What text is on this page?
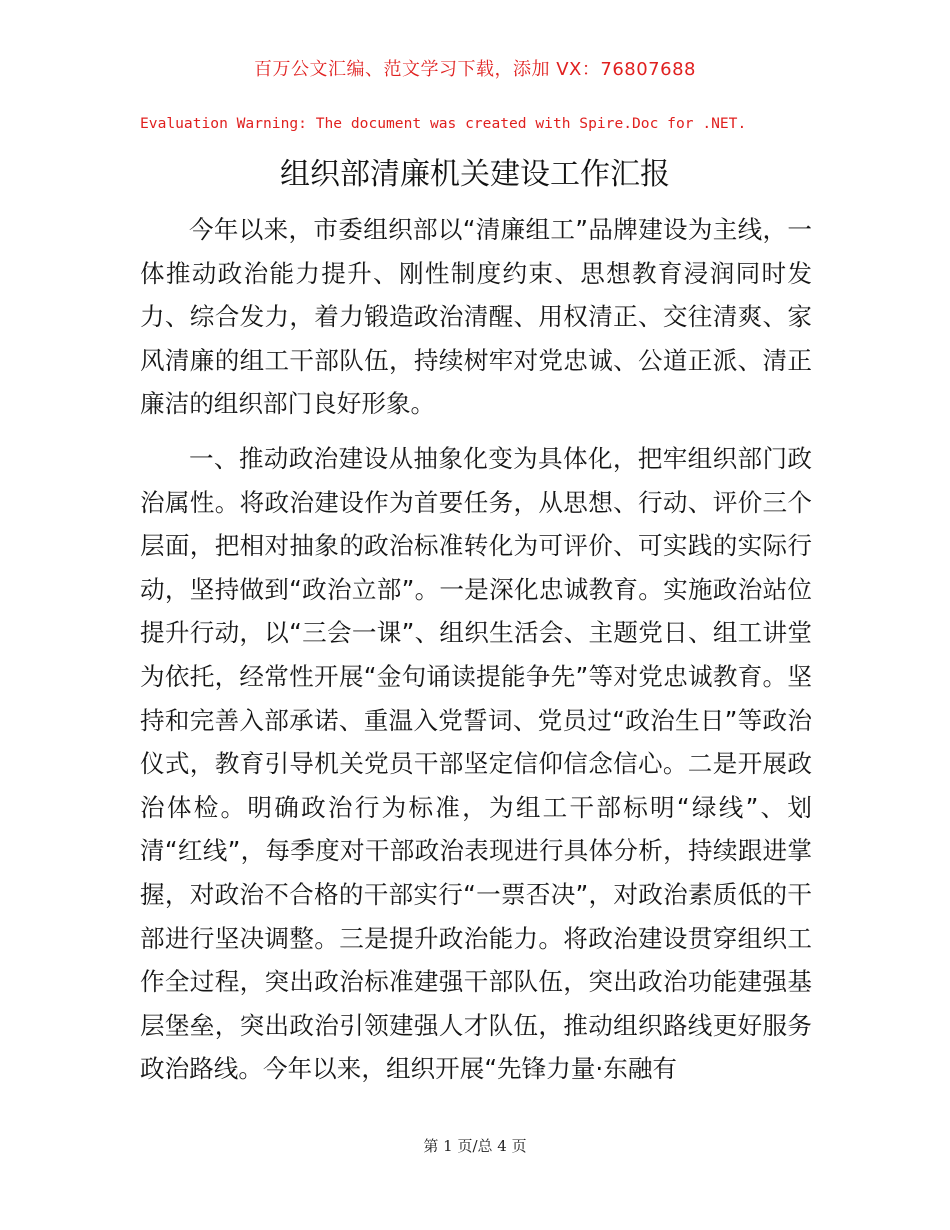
百万公文汇编、范文学习下载，添加 VX：76807688
Evaluation Warning: The document was created with Spire.Doc for .NET.
组织部清廉机关建设工作汇报

今年以来，市委组织部以“清廉组工”品牌建设为主线，一体推动政治能力提升、刚性制度约束、思想教育浸润同时发力、综合发力，着力锻造政治清醒、用权清正、交往清爽、家风清廉的组工干部队伍，持续树牢对党忠诚、公道正派、清正廉洁的组织部门良好形象。

一、推动政治建设从抽象化变为具体化，把牢组织部门政治属性。将政治建设作为首要任务，从思想、行动、评价三个层面，把相对抽象的政治标准转化为可评价、可实践的实际行动，坚持做到“政治立部”。一是深化忠诚教育。实施政治站位提升行动，以“三会一课”、组织生活会、主题党日、组工讲堂为依托，经常性开展“金句诵读提能争先”等对党忠诚教育。坚持和完善入部承诺、重温入党誓词、党员过“政治生日”等政治仪式，教育引导机关党员干部坚定信仰信念信心。二是开展政治体检。明确政治行为标准，为组工干部标明“绿线”、划清“红线”，每季度对干部政治表现进行具体分析，持续跟进掌握，对政治不合格的干部实行“一票否决”，对政治素质低的干部进行坚决调整。三是提升政治能力。将政治建设贯穿组织工作全过程，突出政治标准建强干部队伍，突出政治功能建强基层堡垒，突出政治引领建强人才队伍，推动组织路线更好服务政治路线。今年以来，组织开展“先锋力量·东融有

第 1 页/总 4 页
